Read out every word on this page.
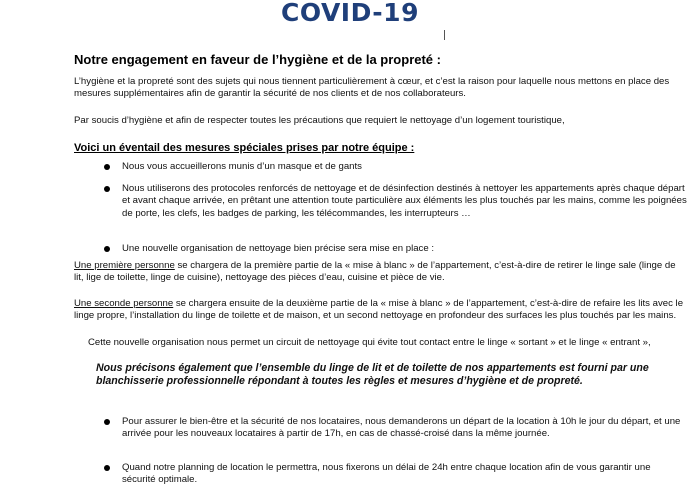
COVID-19
Notre engagement en faveur de l’hygiène et de la propreté :
L’hygiène et la propreté sont des sujets qui nous tiennent particulièrement à cœur, et c’est la raison pour laquelle nous mettons en place des mesures supplémentaires afin de garantir la sécurité de nos clients et de nos collaborateurs.
Par soucis d’hygiène et afin de respecter toutes les précautions que requiert le nettoyage d’un logement touristique,
Voici un éventail des mesures spéciales prises par notre équipe :
Nous vous accueillerons munis d’un masque et de gants
Nous utiliserons des protocoles renforcés de nettoyage et de désinfection destinés à nettoyer les appartements après chaque départ et avant chaque arrivée, en prêtant une attention toute particulière aux éléments les plus touchés par les mains, comme les poignées de porte, les clefs, les badges de parking, les télécommandes, les interrupteurs …
Une nouvelle organisation de nettoyage bien précise sera mise en place :
Une première personne se chargera de la première partie de la « mise à blanc » de l’appartement, c’est-à-dire de retirer le linge sale (linge de lit, lige de toilette, linge de cuisine), nettoyage des pièces d’eau, cuisine et pièce de vie.
Une seconde personne se chargera ensuite de la deuxième partie de la « mise à blanc » de l’appartement, c’est-à-dire de refaire les lits avec le linge propre, l’installation du linge de toilette et de maison, et un second nettoyage en profondeur des surfaces les plus touchés par les mains.
Cette nouvelle organisation nous permet un circuit de nettoyage qui évite tout contact entre le linge « sortant » et le linge « entrant »,
Nous précisons également que l’ensemble du linge de lit et de toilette de nos appartements est fourni par une blanchisserie professionnelle répondant à toutes les règles et mesures d’hygiène et de propreté.
Pour assurer le bien-être et la sécurité de nos locataires, nous demanderons un départ de la location à 10h le jour du départ, et une arrivée pour les nouveaux locataires à partir de 17h, en cas de chassé-croisé dans la même journée.
Quand notre planning de location le permettra, nous fixerons un délai de 24h entre chaque location afin de vous garantir une sécurité optimale.
